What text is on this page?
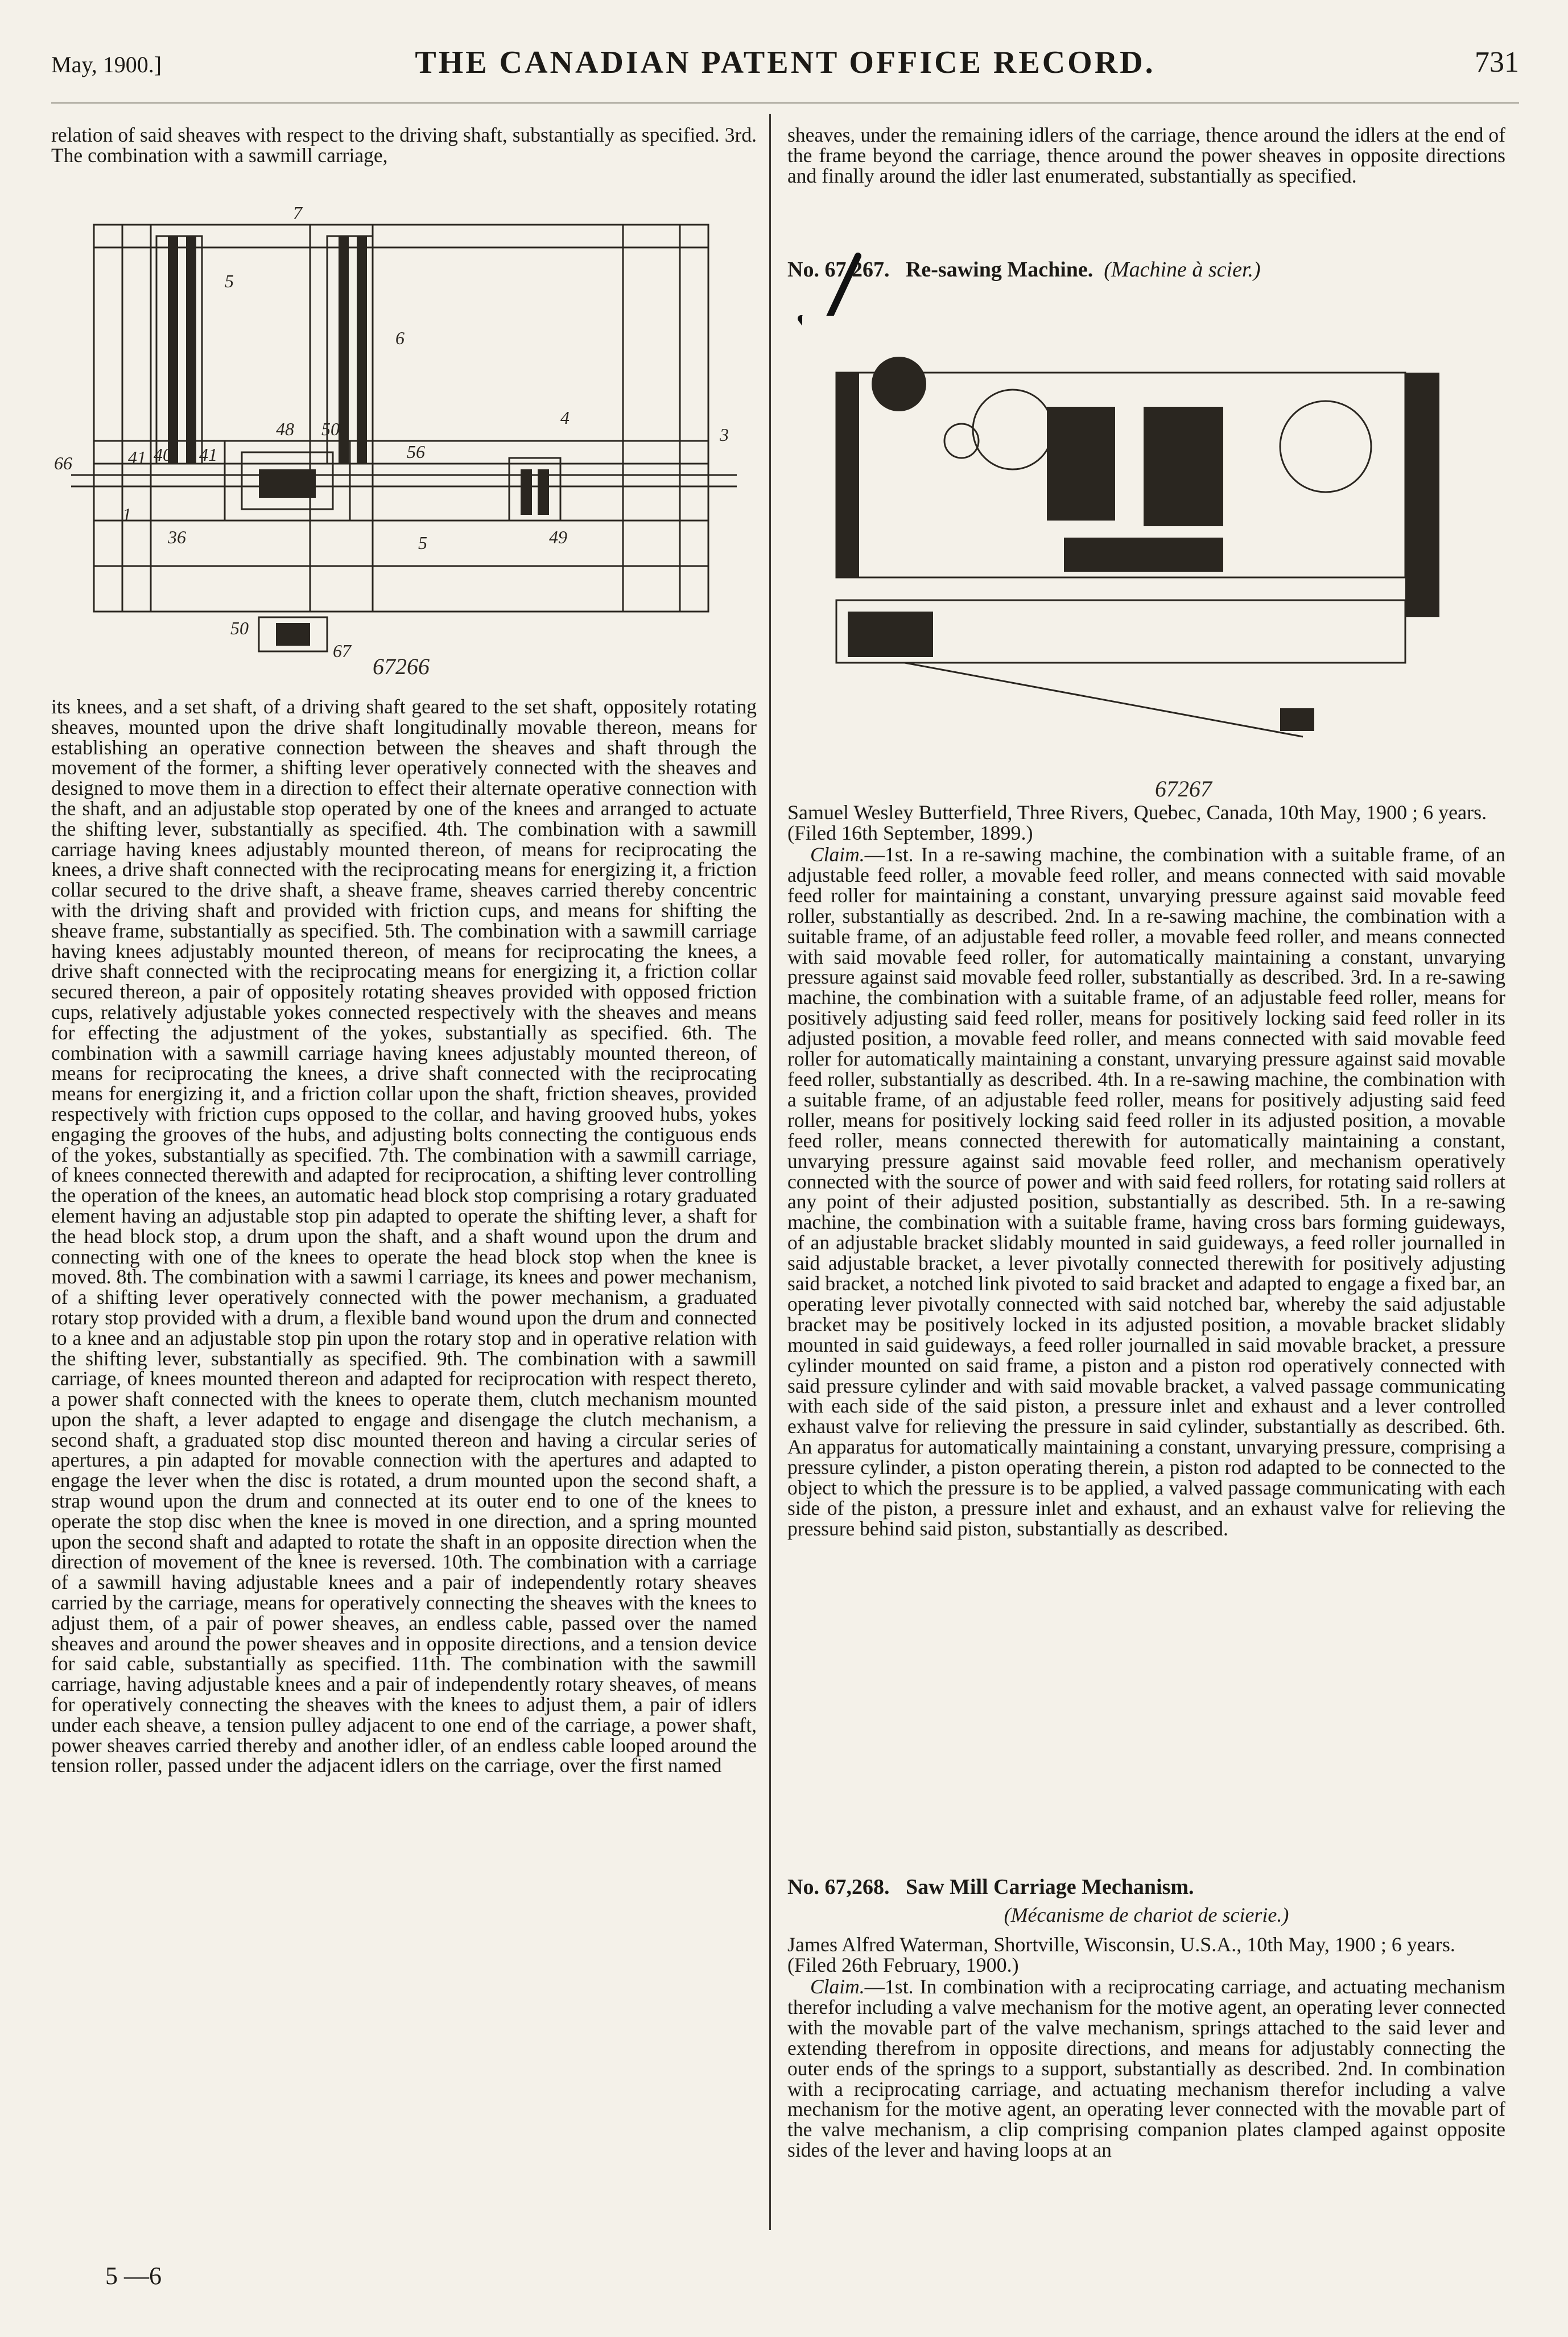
May, 1900.]	THE CANADIAN PATENT OFFICE RECORD.	731

relation of said sheaves with respect to the driving shaft, substantially as specified. 3rd. The combination with a sawmill carriage,

7
5
6
4
3
66	41 40 41
48 50
56
5
36	49
1
50
67
67266

its knees, and a set shaft, of a driving shaft geared to the set shaft, oppositely rotating sheaves, mounted upon the drive shaft longitudinally movable thereon, means for establishing an operative connection between the sheaves and shaft through the movement of the former, a shifting lever operatively connected with the sheaves and designed to move them in a direction to effect their alternate operative connection with the shaft, and an adjustable stop operated by one of the knees and arranged to actuate the shifting lever, substantially as specified. 4th. The combination with a sawmill carriage having knees adjustably mounted thereon, of means for reciprocating the knees, a drive shaft connected with the reciprocating means for energizing it, a friction collar secured to the drive shaft, a sheave frame, sheaves carried thereby concentric with the driving shaft and provided with friction cups, and means for shifting the sheave frame, substantially as specified. 5th. The combination with a sawmill carriage having knees adjustably mounted thereon, of means for reciprocating the knees, a drive shaft connected with the reciprocating means for energizing it, a friction collar secured thereon, a pair of oppositely rotating sheaves provided with opposed friction cups, relatively adjustable yokes connected respectively with the sheaves and means for effecting the adjustment of the yokes, substantially as specified. 6th. The combination with a sawmill carriage having knees adjustably mounted thereon, of means for reciprocating the knees, a drive shaft connected with the reciprocating means for energizing it, and a friction collar upon the shaft, friction sheaves, provided respectively with friction cups opposed to the collar, and having grooved hubs, yokes engaging the grooves of the hubs, and adjusting bolts connecting the contiguous ends of the yokes, substantially as specified. 7th. The combination with a sawmill carriage, of knees connected therewith and adapted for reciprocation, a shifting lever controlling the operation of the knees, an automatic head block stop comprising a rotary graduated element having an adjustable stop pin adapted to operate the shifting lever, a shaft for the head block stop, a drum upon the shaft, and a shaft wound upon the drum and connecting with one of the knees to operate the head block stop when the knee is moved. 8th. The combination with a sawmi l carriage, its knees and power mechanism, of a shifting lever operatively connected with the power mechanism, a graduated rotary stop provided with a drum, a flexible band wound upon the drum and connected to a knee and an adjustable stop pin upon the rotary stop and in operative relation with the shifting lever, substantially as specified. 9th. The combination with a sawmill carriage, of knees mounted thereon and adapted for reciprocation with respect thereto, a power shaft connected with the knees to operate them, clutch mechanism mounted upon the shaft, a lever adapted to engage and disengage the clutch mechanism, a second shaft, a graduated stop disc mounted thereon and having a circular series of apertures, a pin adapted for movable connection with the apertures and adapted to engage the lever when the disc is rotated, a drum mounted upon the second shaft, a strap wound upon the drum and connected at its outer end to one of the knees to operate the stop disc when the knee is moved in one direction, and a spring mounted upon the second shaft and adapted to rotate the shaft in an opposite direction when the direction of movement of the knee is reversed. 10th. The combination with a carriage of a sawmill having adjustable knees and a pair of independently rotary sheaves carried by the carriage, means for operatively connecting the sheaves with the knees to adjust them, of a pair of power sheaves, an endless cable, passed over the named sheaves and around the power sheaves and in opposite directions, and a tension device for said cable, substantially as specified. 11th. The combination with the sawmill carriage, having adjustable knees and a pair of independently rotary sheaves, of means for operatively connecting the sheaves with the knees to adjust them, a pair of idlers under each sheave, a tension pulley adjacent to one end of the carriage, a power shaft, power sheaves carried thereby and another idler, of an endless cable looped around the tension roller, passed under the adjacent idlers on the carriage, over the first named

5 —6

sheaves, under the remaining idlers of the carriage, thence around the idlers at the end of the frame beyond the carriage, thence around the power sheaves in opposite directions and finally around the idler last enumerated, substantially as specified.

No. 67,267. Re-sawing Machine. (Machine à scier.)
67267
Samuel Wesley Butterfield, Three Rivers, Quebec, Canada, 10th May, 1900 ; 6 years. (Filed 16th September, 1899.)
Claim.—1st. In a re-sawing machine, the combination with a suitable frame, of an adjustable feed roller, a movable feed roller, and means connected with said movable feed roller for maintaining a constant, unvarying pressure against said movable feed roller, substantially as described. 2nd. In a re-sawing machine, the combination with a suitable frame, of an adjustable feed roller, a movable feed roller, and means connected with said movable feed roller, for automatically maintaining a constant, unvarying pressure against said movable feed roller, substantially as described. 3rd. In a re-sawing machine, the combination with a suitable frame, of an adjustable feed roller, means for positively adjusting said feed roller, means for positively locking said feed roller in its adjusted position, a movable feed roller, and means connected with said movable feed roller for automatically maintaining a constant, unvarying pressure against said movable feed roller, substantially as described. 4th. In a re-sawing machine, the combination with a suitable frame, of an adjustable feed roller, means for positively adjusting said feed roller, means for positively locking said feed roller in its adjusted position, a movable feed roller, means connected therewith for automatically maintaining a constant, unvarying pressure against said movable feed roller, and mechanism operatively connected with the source of power and with said feed rollers, for rotating said rollers at any point of their adjusted position, substantially as described. 5th. In a re-sawing machine, the combination with a suitable frame, having cross bars forming guideways, of an adjustable bracket slidably mounted in said guideways, a feed roller journalled in said adjustable bracket, a lever pivotally connected therewith for positively adjusting said bracket, a notched link pivoted to said bracket and adapted to engage a fixed bar, an operating lever pivotally connected with said notched bar, whereby the said adjustable bracket may be positively locked in its adjusted position, a movable bracket slidably mounted in said guideways, a feed roller journalled in said movable bracket, a pressure cylinder mounted on said frame, a piston and a piston rod operatively connected with said pressure cylinder and with said movable bracket, a valved passage communicating with each side of the said piston, a pressure inlet and exhaust and a lever controlled exhaust valve for relieving the pressure in said cylinder, substantially as described. 6th. An apparatus for automatically maintaining a constant, unvarying pressure, comprising a pressure cylinder, a piston operating therein, a piston rod adapted to be connected to the object to which the pressure is to be applied, a valved passage communicating with each side of the piston, a pressure inlet and exhaust, and an exhaust valve for relieving the pressure behind said piston, substantially as described.
No. 67,268. Saw Mill Carriage Mechanism.
(Mécanisme de chariot de scierie.)
James Alfred Waterman, Shortville, Wisconsin, U.S.A., 10th May, 1900 ; 6 years. (Filed 26th February, 1900.)
Claim.—1st. In combination with a reciprocating carriage, and actuating mechanism therefor including a valve mechanism for the motive agent, an operating lever connected with the movable part of the valve mechanism, springs attached to the said lever and extending therefrom in opposite directions, and means for adjustably connecting the outer ends of the springs to a support, substantially as described. 2nd. In combination with a reciprocating carriage, and actuating mechanism therefor including a valve mechanism for the motive agent, an operating lever connected with the movable part of the valve mechanism, a clip comprising companion plates clamped against opposite sides of the lever and having loops at an
